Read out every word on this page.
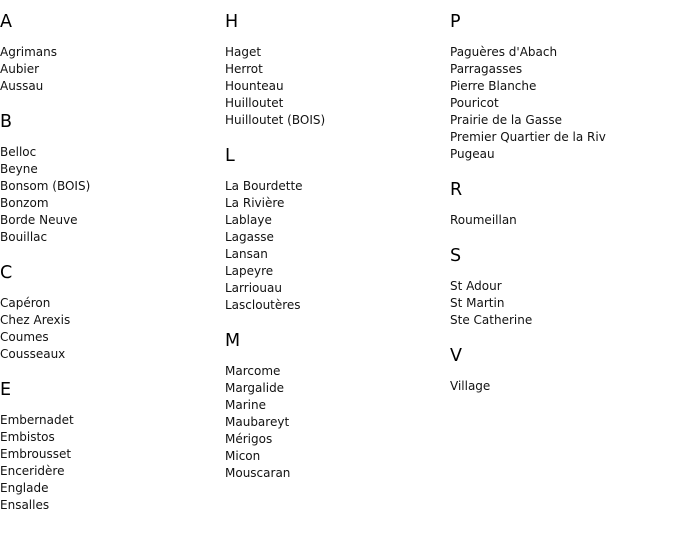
A
Agrimans
Aubier
Aussau
B
Belloc
Beyne
Bonsom (BOIS)
Bonzom
Borde Neuve
Bouillac
C
Capéron
Chez Arexis
Coumes
Cousseaux
E
Embernadet
Embistos
Embrousset
Enceridère
Englade
Ensalles
H
Haget
Herrot
Hounteau
Huilloutet
Huilloutet (BOIS)
L
La Bourdette
La Rivière
Lablaye
Lagasse
Lansan
Lapeyre
Larriouau
Lascloutères
M
Marcome
Margalide
Marine
Maubareyt
Mérigos
Micon
Mouscaran
P
Paguères d'Abach
Parragasses
Pierre Blanche
Pouricot
Prairie de la Gasse
Premier Quartier de la Riv
Pugeau
R
Roumeillan
S
St Adour
St Martin
Ste Catherine
V
Village
